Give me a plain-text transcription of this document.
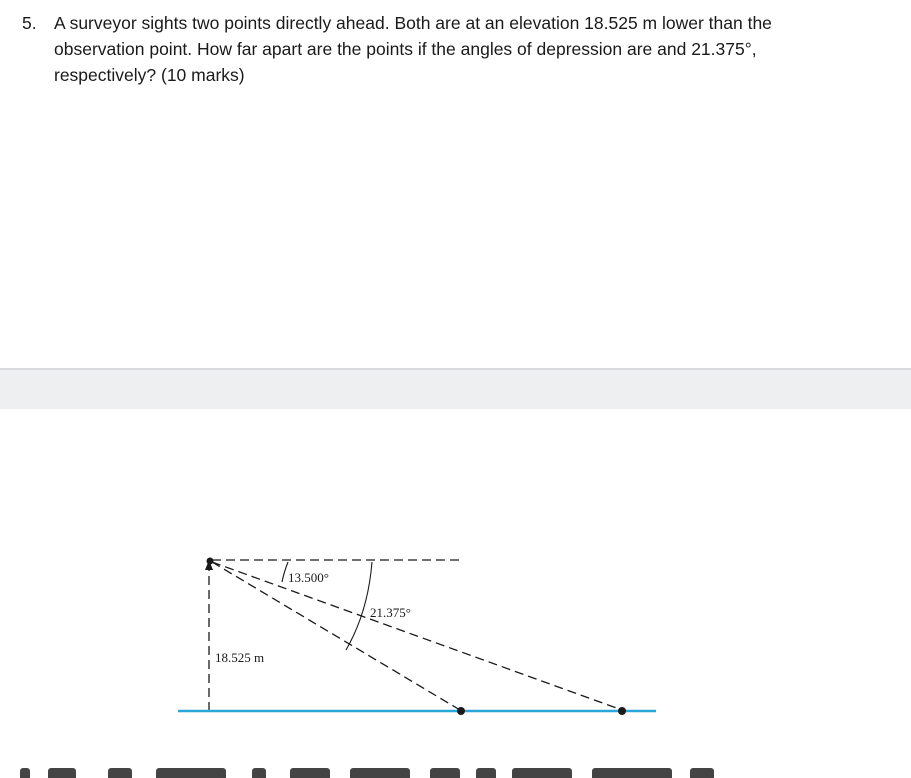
5. A surveyor sights two points directly ahead. Both are at an elevation 18.525 m lower than the
observation point. How far apart are the points if the angles of depression are and 21.375°,
respectively? (10 marks)
13.500°
21.375°
18.525 m
